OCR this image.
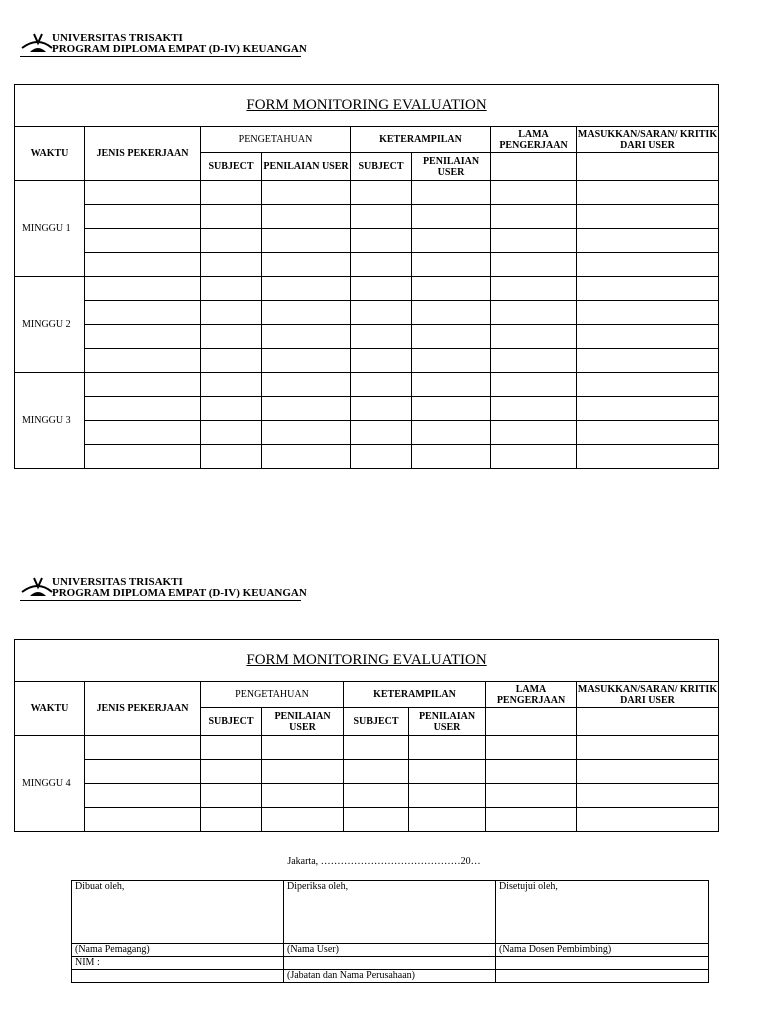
UNIVERSITAS TRISAKTI
PROGRAM DIPLOMA EMPAT (D-IV) KEUANGAN
FORM MONITORING EVALUATION							
WAKTU	JENIS PEKERJAAN	PENGETAHUAN		KETERAMPILAN		LAMA PENGERJAAN	MASUKKAN/SARAN/ KRITIK DARI USER
		SUBJECT	PENILAIAN USER	SUBJECT	PENILAIAN USER		
MINGGU 1							

MINGGU 2							

MINGGU 3							

UNIVERSITAS TRISAKTI
PROGRAM DIPLOMA EMPAT (D-IV) KEUANGAN
FORM MONITORING EVALUATION							
WAKTU	JENIS PEKERJAAN	PENGETAHUAN		KETERAMPILAN		LAMA PENGERJAAN	MASUKKAN/SARAN/ KRITIK DARI USER
		SUBJECT	PENILAIAN USER	SUBJECT	PENILAIAN USER		
MINGGU 4							

Jakarta, ……………………………………20…
Dibuat oleh,	Diperiksa oleh,	Disetujui oleh,
(Nama Pemagang)	(Nama User)	(Nama Dosen Pembimbing)
NIM :		
	(Jabatan dan Nama Perusahaan)	
